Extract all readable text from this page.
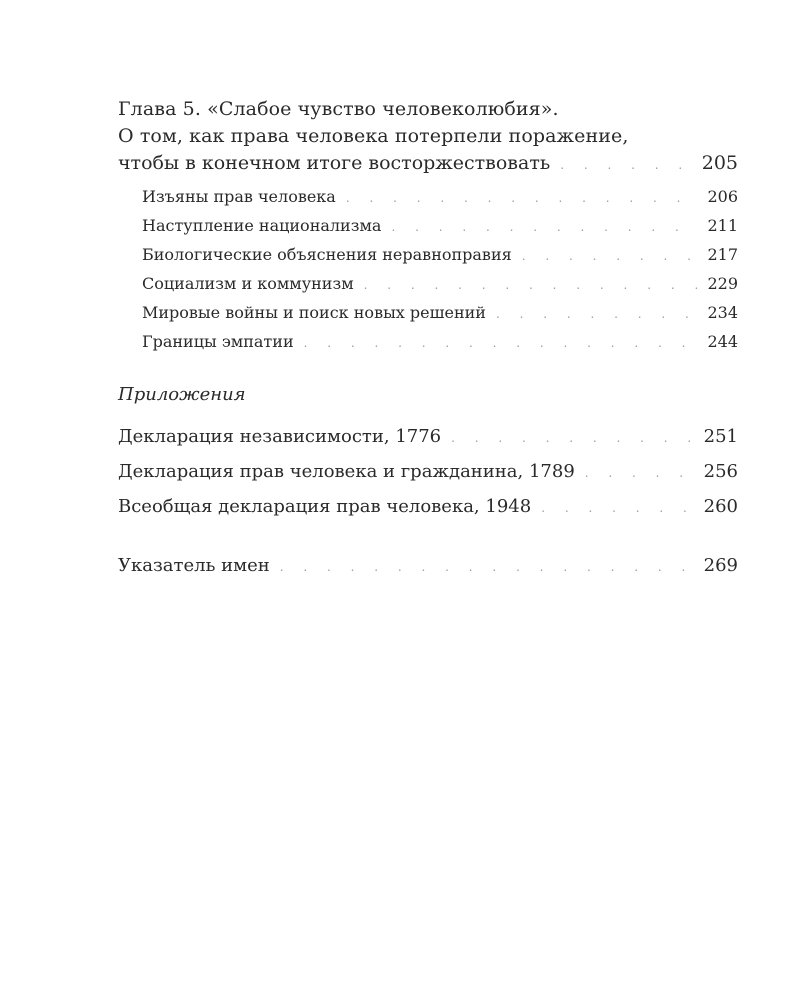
Глава 5. «Слабое чувство человеколюбия».
О том, как права человека потерпели поражение,
чтобы в конечном итоге восторжествовать . . .	205
Изъяны прав человека . . .	206
Наступление национализма . . .	211
Биологические объяснения неравноправия . . .	217
Социализм и коммунизм . . .	229
Мировые войны и поиск новых решений . . .	234
Границы эмпатии . . .	244
Приложения
Декларация независимости, 1776 . . .	251
Декларация прав человека и гражданина, 1789 . . .	256
Всеобщая декларация прав человека, 1948 . . .	260
Указатель имен . . .	269
